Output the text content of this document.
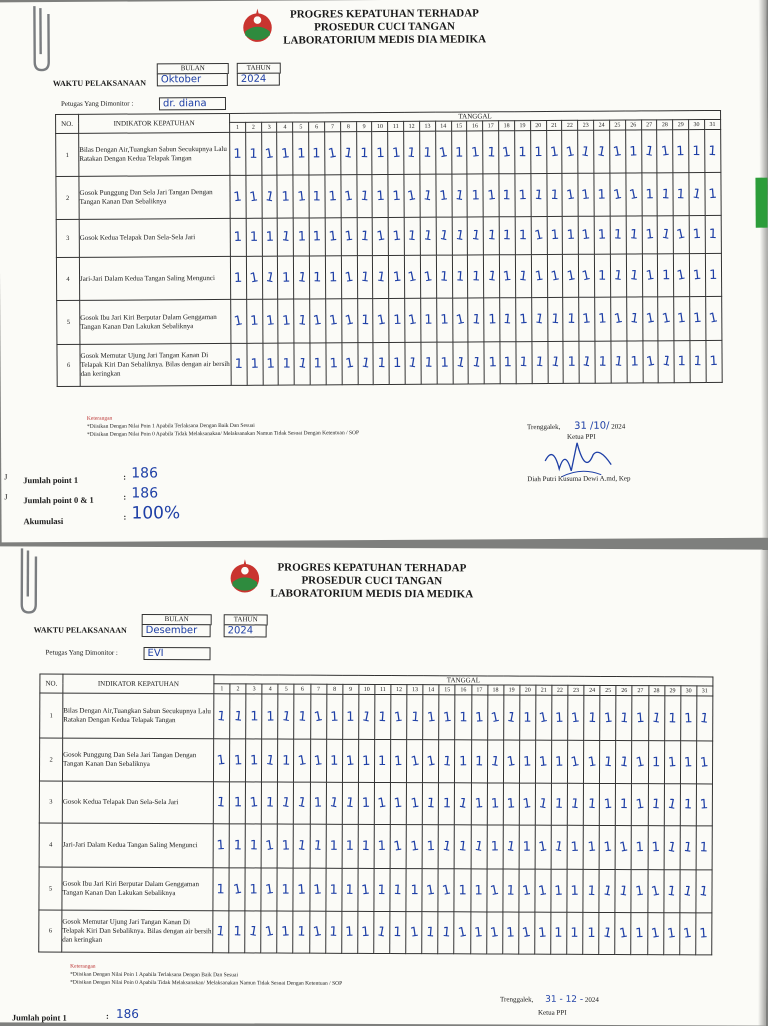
PROGRES KEPATUHAN TERHADAP
PROSEDUR CUCI TANGAN
LABORATORIUM MEDIS DIA MEDIKA
WAKTU PELAKSANAAN
BULAN
Oktober
TAHUN
2024
Petugas Yang Dimonitor :	dr. diana
NO.	INDIKATOR KEPATUHAN	TANGGAL																														
		1	2	3	4	5	6	7	8	9	10	11	12	13	14	15	16	17	18	19	20	21	22	23	24	25	26	27	28	29	30	31
1	Bilas Dengan Air,Tuangkan Sabun Secukupnya Lalu Ratakan Dengan Kedua Telapak Tangan	1	1	1	1	1	1	1	1	1	1	1	1	1	1	1	1	1	1	1	1	1	1	1	1	1	1	1	1	1	1	1
2	Gosok Punggung Dan Sela Jari Tangan Dengan Tangan Kanan Dan Sebaliknya	1	1	1	1	1	1	1	1	1	1	1	1	1	1	1	1	1	1	1	1	1	1	1	1	1	1	1	1	1	1	1
3	Gosok Kedua Telapak Dan Sela-Sela Jari	1	1	1	1	1	1	1	1	1	1	1	1	1	1	1	1	1	1	1	1	1	1	1	1	1	1	1	1	1	1	1
4	Jari-Jari Dalam Kedua Tangan Saling Mengunci	1	1	1	1	1	1	1	1	1	1	1	1	1	1	1	1	1	1	1	1	1	1	1	1	1	1	1	1	1	1	1
5	Gosok Ibu Jari Kiri Berputar Dalam Genggaman Tangan Kanan Dan Lakukan Sebaliknya	1	1	1	1	1	1	1	1	1	1	1	1	1	1	1	1	1	1	1	1	1	1	1	1	1	1	1	1	1	1	1
6	Gosok Memutar Ujung Jari Tangan Kanan Di Telapak Kiri Dan Sebaliknya. Bilas dengan air bersih dan keringkan	1	1	1	1	1	1	1	1	1	1	1	1	1	1	1	1	1	1	1	1	1	1	1	1	1	1	1	1	1	1	1
Keterangan
*Diisikan Dengan Nilai Poin 1 Apabila Terlaksana Dengan Baik Dan Sesuai
*Diisikan Dengan Nilai Poin 0 Apabila Tidak Melaksanakan/ Melaksanakan Namun Tidak Sesuai Dengan Ketentuan / SOP
Trenggalek, 31 /10/ 2024
Ketua PPI
Diah Putri Kusuma Dewi A.md, Kep
J
J
Jumlah point 1	: 186
Jumlah point 0 & 1	: 186
Akumulasi	: 100%
PROGRES KEPATUHAN TERHADAP
PROSEDUR CUCI TANGAN
LABORATORIUM MEDIS DIA MEDIKA
WAKTU PELAKSANAAN
BULAN
Desember
TAHUN
2024
Petugas Yang Dimonitor :	EVI
NO.	INDIKATOR KEPATUHAN	TANGGAL																														
		1	2	3	4	5	6	7	8	9	10	11	12	13	14	15	16	17	18	19	20	21	22	23	24	25	26	27	28	29	30	31
1	Bilas Dengan Air,Tuangkan Sabun Secukupnya Lalu Ratakan Dengan Kedua Telapak Tangan	1	1	1	1	1	1	1	1	1	1	1	1	1	1	1	1	1	1	1	1	1	1	1	1	1	1	1	1	1	1	1
2	Gosok Punggung Dan Sela Jari Tangan Dengan Tangan Kanan Dan Sebaliknya	1	1	1	1	1	1	1	1	1	1	1	1	1	1	1	1	1	1	1	1	1	1	1	1	1	1	1	1	1	1	1
3	Gosok Kedua Telapak Dan Sela-Sela Jari	1	1	1	1	1	1	1	1	1	1	1	1	1	1	1	1	1	1	1	1	1	1	1	1	1	1	1	1	1	1	1
4	Jari-Jari Dalam Kedua Tangan Saling Mengunci	1	1	1	1	1	1	1	1	1	1	1	1	1	1	1	1	1	1	1	1	1	1	1	1	1	1	1	1	1	1	1
5	Gosok Ibu Jari Kiri Berputar Dalam Genggaman Tangan Kanan Dan Lakukan Sebaliknya	1	1	1	1	1	1	1	1	1	1	1	1	1	1	1	1	1	1	1	1	1	1	1	1	1	1	1	1	1	1	1
6	Gosok Memutar Ujung Jari Tangan Kanan Di Telapak Kiri Dan Sebaliknya. Bilas dengan air bersih dan keringkan	1	1	1	1	1	1	1	1	1	1	1	1	1	1	1	1	1	1	1	1	1	1	1	1	1	1	1	1	1	1	1
Keterangan
*Diisikan Dengan Nilai Poin 1 Apabila Terlaksana Dengan Baik Dan Sesuai
*Diisikan Dengan Nilai Poin 0 Apabila Tidak Melaksanakan/ Melaksanakan Namun Tidak Sesuai Dengan Ketentuan / SOP
Trenggalek, 31 - 12 - 2024
Ketua PPI
Jumlah point 1	: 186
